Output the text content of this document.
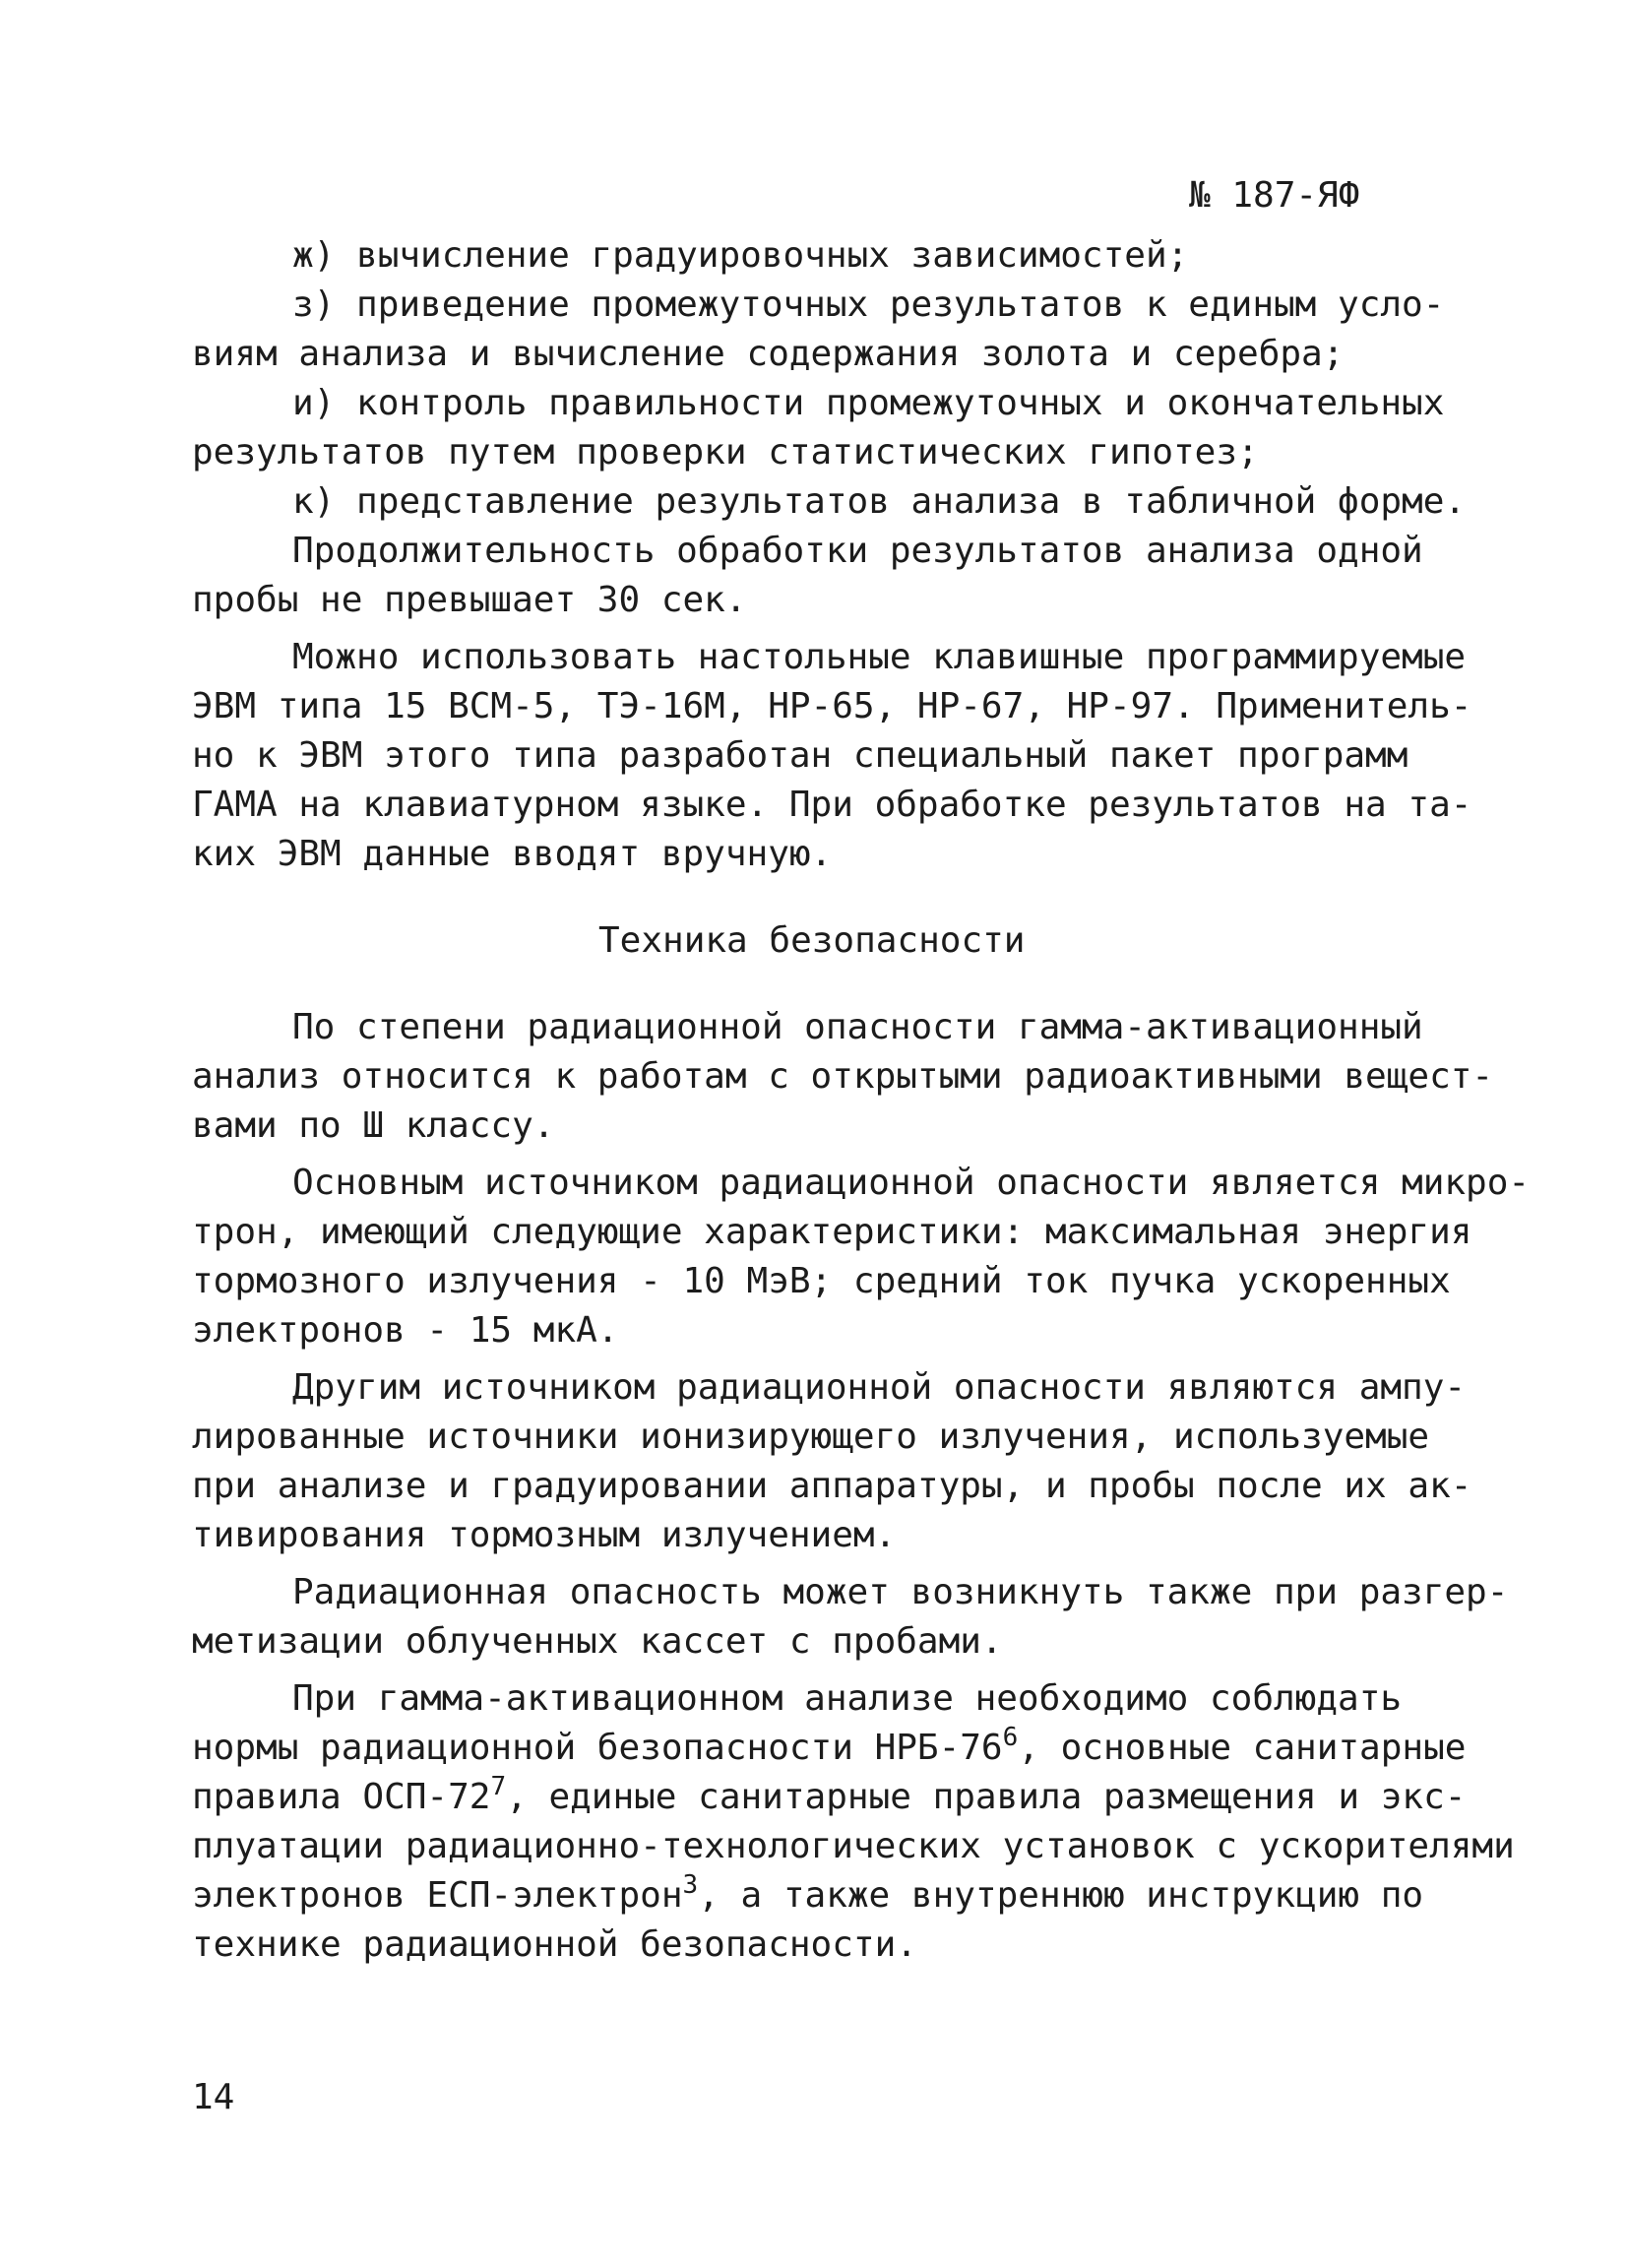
№ 187-ЯФ
ж) вычисление градуировочных зависимостей;
з) приведение промежуточных результатов к единым усло-
виям анализа и вычисление содержания золота и серебра;
и) контроль правильности промежуточных и окончательных
результатов путем проверки статистических гипотез;
к) представление результатов анализа в табличной форме.
Продолжительность обработки результатов анализа одной
пробы не превышает 30 сек.
Можно использовать настольные клавишные программируемые
ЭВМ типа 15 ВСМ-5, ТЭ-16М, НР-65, НР-67, НР-97. Применитель-
но к ЭВМ этого типа разработан специальный пакет программ
ГАМА на клавиатурном языке. При обработке результатов на та-
ких ЭВМ данные вводят вручную.
Техника безопасности
По степени радиационной опасности гамма-активационный
анализ относится к работам с открытыми радиоактивными вещест-
вами по Ш классу.
Основным источником радиационной опасности является микро-
трон, имеющий следующие характеристики: максимальная энергия
тормозного излучения - 10 МэВ; средний ток пучка ускоренных
электронов - 15 мкА.
Другим источником радиационной опасности являются ампу-
лированные источники ионизирующего излучения, используемые
при анализе и градуировании аппаратуры, и пробы после их ак-
тивирования тормозным излучением.
Радиационная опасность может возникнуть также при разгер-
метизации облученных кассет с пробами.
При гамма-активационном анализе необходимо соблюдать
нормы радиационной безопасности НРБ-$76^6$, основные санитарные
правила ОСП-$72^7$, единые санитарные правила размещения и экс-
плуатации радиационно-технологических установок с ускорителями
электронов ЕСП-электрон$^3$, а также внутреннюю инструкцию по
технике радиационной безопасности.
14
